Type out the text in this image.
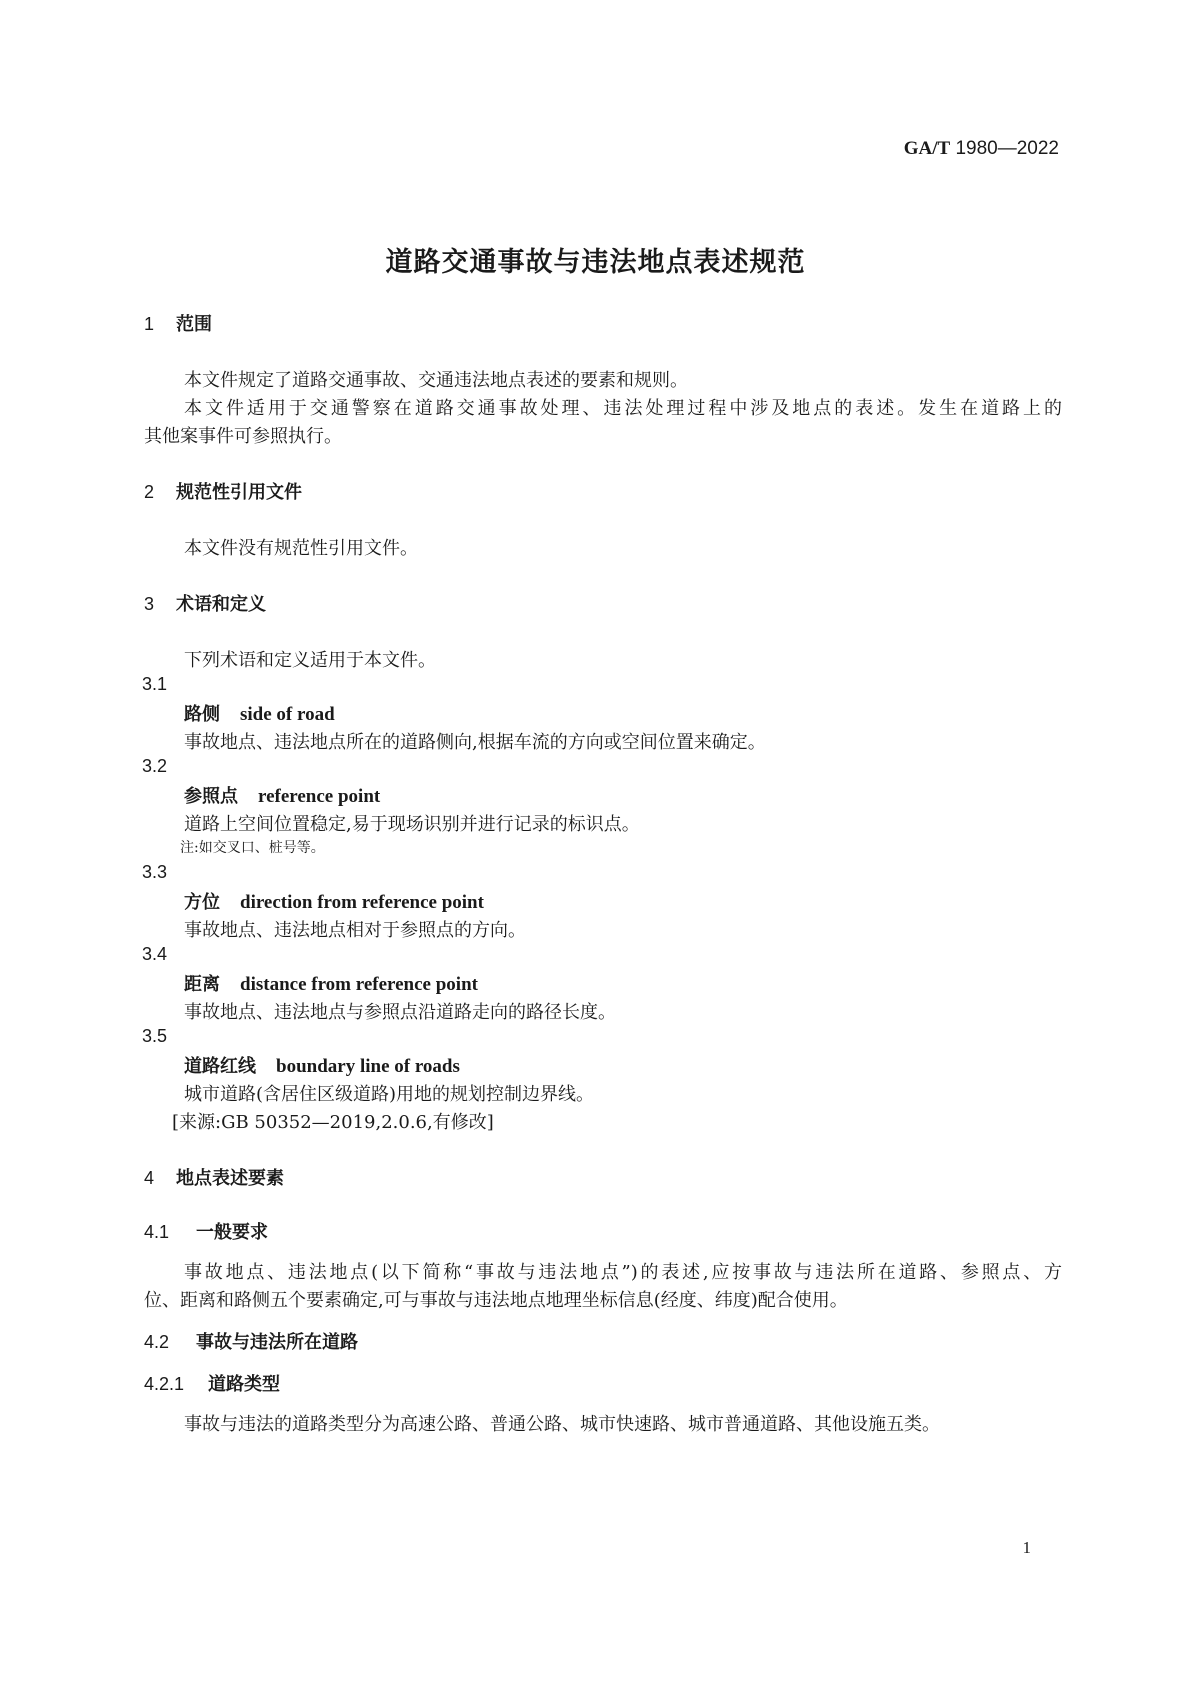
GA/T 1980—2022
道路交通事故与违法地点表述规范
1 范围
本文件规定了道路交通事故、交通违法地点表述的要素和规则。
本文件适用于交通警察在道路交通事故处理、违法处理过程中涉及地点的表述。发生在道路上的
其他案事件可参照执行。
2 规范性引用文件
本文件没有规范性引用文件。
3 术语和定义
下列术语和定义适用于本文件。
3.1
路侧 side of road
事故地点、违法地点所在的道路侧向,根据车流的方向或空间位置来确定。
3.2
参照点 reference point
道路上空间位置稳定,易于现场识别并进行记录的标识点。
注:如交叉口、桩号等。
3.3
方位 direction from reference point
事故地点、违法地点相对于参照点的方向。
3.4
距离 distance from reference point
事故地点、违法地点与参照点沿道路走向的路径长度。
3.5
道路红线 boundary line of roads
城市道路(含居住区级道路)用地的规划控制边界线。
[来源:GB 50352—2019,2.0.6,有修改]
4 地点表述要素
4.1 一般要求
事故地点、违法地点(以下简称“事故与违法地点”)的表述,应按事故与违法所在道路、参照点、方
位、距离和路侧五个要素确定,可与事故与违法地点地理坐标信息(经度、纬度)配合使用。
4.2 事故与违法所在道路
4.2.1 道路类型
事故与违法的道路类型分为高速公路、普通公路、城市快速路、城市普通道路、其他设施五类。
1
